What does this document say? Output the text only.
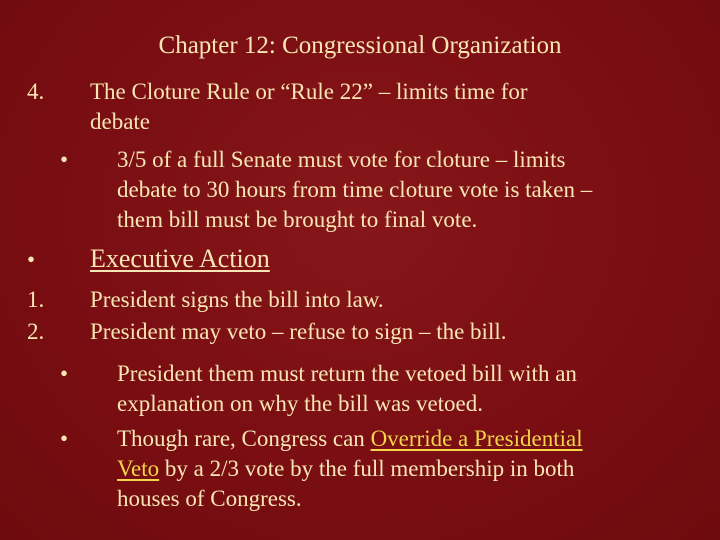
Chapter 12: Congressional Organization
4. The Cloture Rule or “Rule 22” – limits time for
debate
• 3/5 of a full Senate must vote for cloture – limits
debate to 30 hours from time cloture vote is taken –
them bill must be brought to final vote.
• Executive Action
1. President signs the bill into law.
2. President may veto – refuse to sign – the bill.
• President them must return the vetoed bill with an
explanation on why the bill was vetoed.
• Though rare, Congress can Override a Presidential
Veto by a 2/3 vote by the full membership in both
houses of Congress.
